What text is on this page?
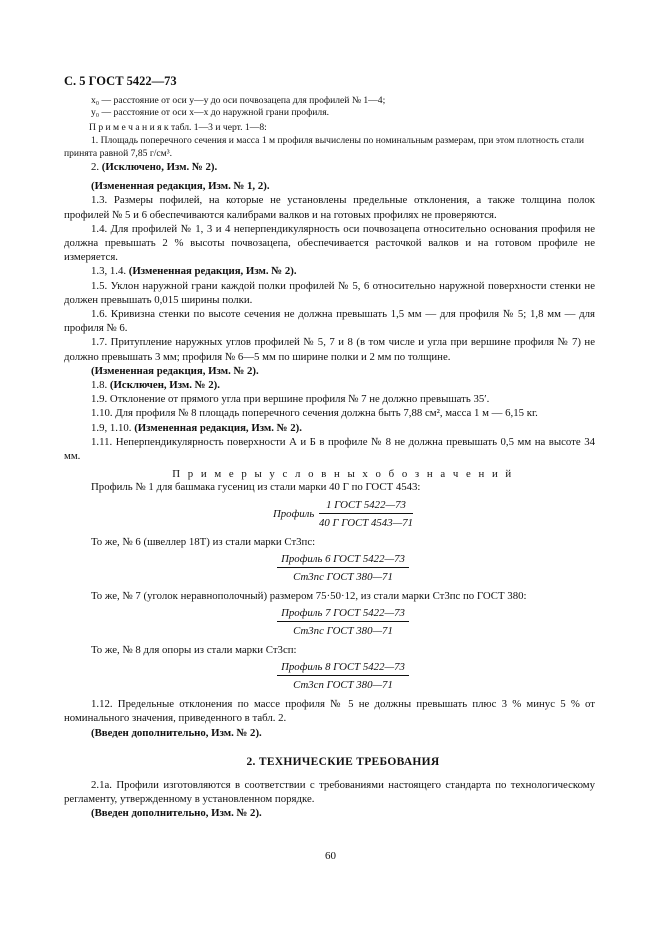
С. 5 ГОСТ 5422—73
x₀ — расстояние от оси y—y до оси почвозацепа для профилей № 1—4;
y₀ — расстояние от оси x—x до наружной грани профиля.
П р и м е ч а н и я к табл. 1—3 и черт. 1—8:
1. Площадь поперечного сечения и масса 1 м профиля вычислены по номинальным размерам, при этом плотность стали принята равной 7,85 г/см³.
2. (Исключено, Изм. № 2).
(Измененная редакция, Изм. № 1, 2).
1.3. Размеры пофилей, на которые не установлены предельные отклонения, а также толщина полок профилей № 5 и 6 обеспечиваются калибрами валков и на готовых профилях не проверяются.
1.4. Для профилей № 1, 3 и 4 неперпендикулярность оси почвозацепа относительно основания профиля не должна превышать 2 % высоты почвозацепа, обеспечивается расточкой валков и на готовом профиле не измеряется.
1.3, 1.4. (Измененная редакция, Изм. № 2).
1.5. Уклон наружной грани каждой полки профилей № 5, 6 относительно наружной поверхности стенки не должен превышать 0,015 ширины полки.
1.6. Кривизна стенки по высоте сечения не должна превышать 1,5 мм — для профиля № 5; 1,8 мм — для профиля № 6.
1.7. Притупление наружных углов профилей № 5, 7 и 8 (в том числе и угла при вершине профиля № 7) не должно превышать 3 мм; профиля № 6—5 мм по ширине полки и 2 мм по толщине.
(Измененная редакция, Изм. № 2).
1.8. (Исключен, Изм. № 2).
1.9. Отклонение от прямого угла при вершине профиля № 7 не должно превышать 35′.
1.10. Для профиля № 8 площадь поперечного сечения должна быть 7,88 см², масса 1 м — 6,15 кг.
1.9, 1.10. (Измененная редакция, Изм. № 2).
1.11. Неперпендикулярность поверхности А и Б в профиле № 8 не должна превышать 0,5 мм на высоте 34 мм.
П р и м е р ы у с л о в н ы х о б о з н а ч е н и й
Профиль № 1 для башмака гусениц из стали марки 40 Г по ГОСТ 4543:
Профиль $\frac{\text{1 ГОСТ 5422—73}}{\text{40 Г ГОСТ 4543—71}}$
То же, № 6 (швеллер 18Т) из стали марки Ст3пс:
$\frac{\text{Профиль 6 ГОСТ 5422—73}}{\text{Ст3пс ГОСТ 380—71}}$
То же, № 7 (уголок неравнополочный) размером 75·50·12, из стали марки Ст3пс по ГОСТ 380:
$\frac{\text{Профиль 7 ГОСТ 5422—73}}{\text{Ст3пс ГОСТ 380—71}}$
То же, № 8 для опоры из стали марки Ст3сп:
$\frac{\text{Профиль 8 ГОСТ 5422—73}}{\text{Ст3сп ГОСТ 380—71}}$
1.12. Предельные отклонения по массе профиля № 5 не должны превышать плюс 3 % минус 5 % от номинального значения, приведенного в табл. 2.
(Введен дополнительно, Изм. № 2).
2. ТЕХНИЧЕСКИЕ ТРЕБОВАНИЯ
2.1а. Профили изготовляются в соответствии с требованиями настоящего стандарта по технологическому регламенту, утвержденному в установленном порядке.
(Введен дополнительно, Изм. № 2).
60
